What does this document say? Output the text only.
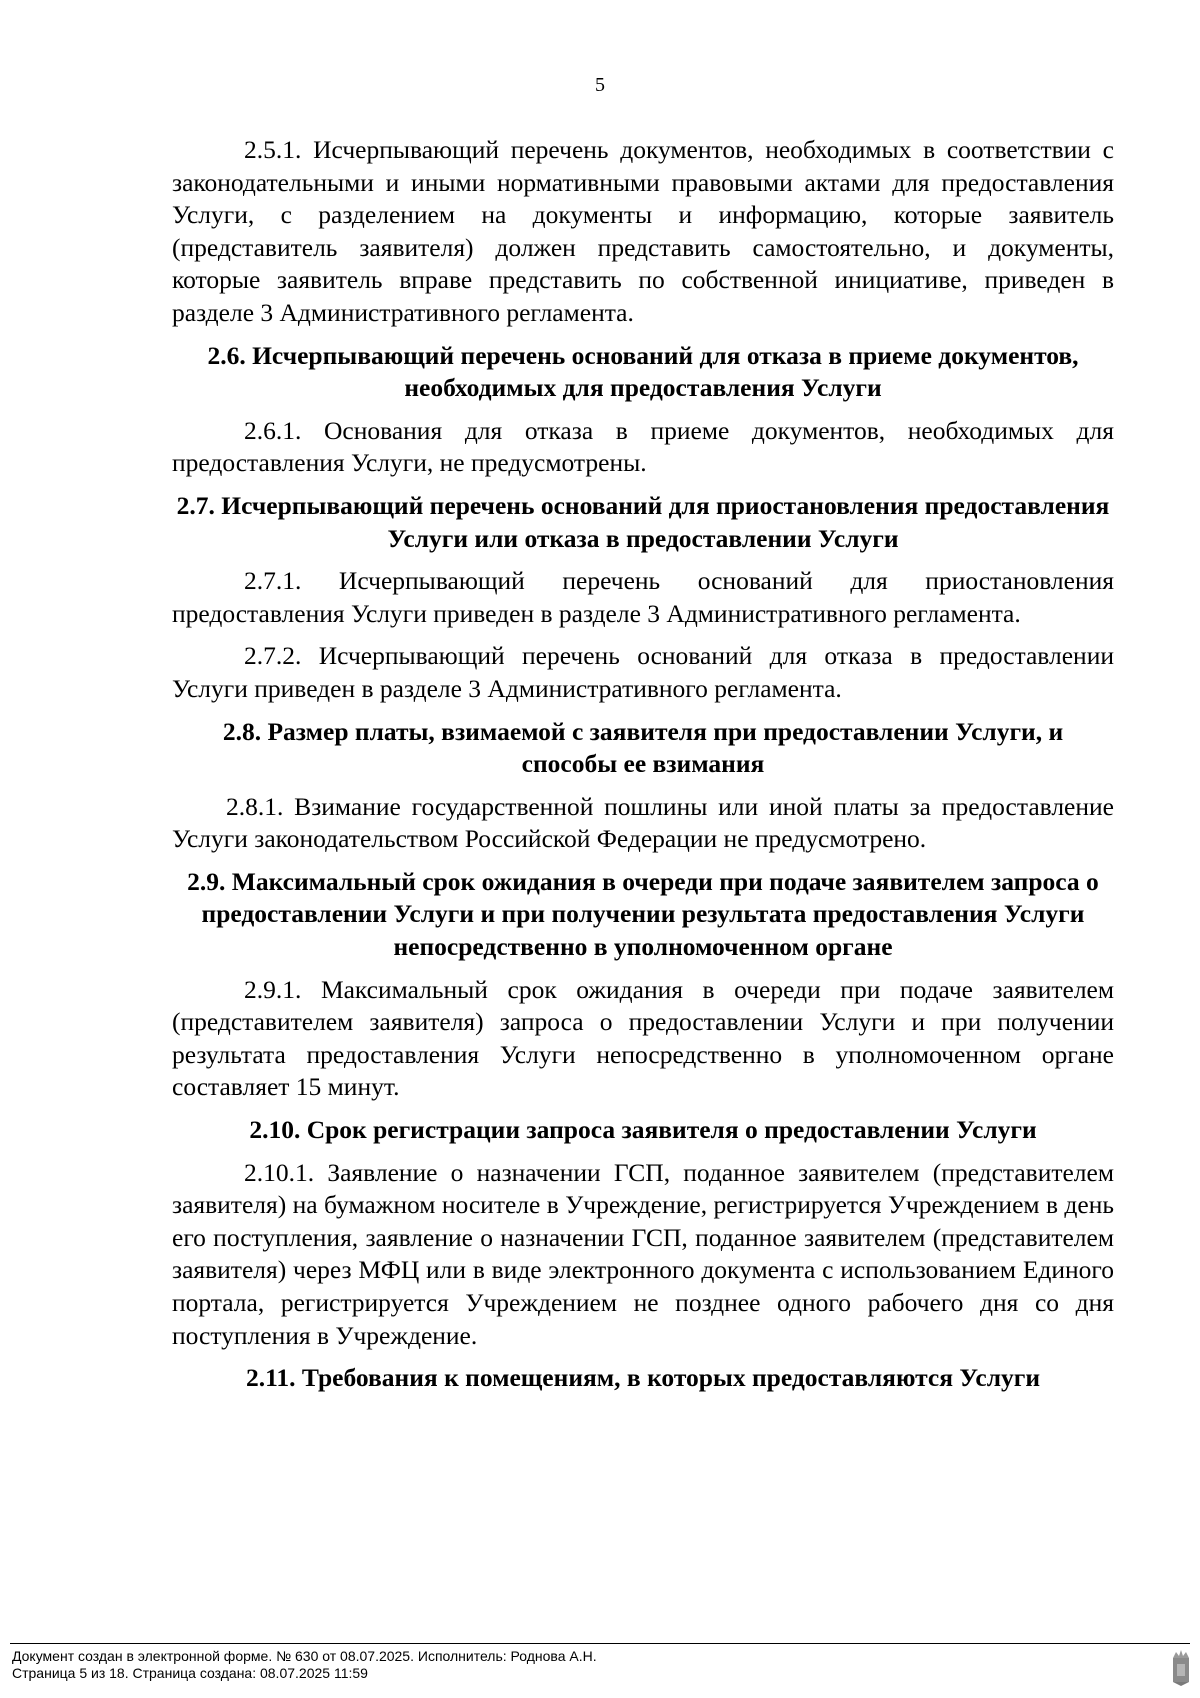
5

2.5.1. Исчерпывающий перечень документов, необходимых в соответствии с законодательными и иными нормативными правовыми актами для предоставления Услуги, с разделением на документы и информацию, которые заявитель (представитель заявителя) должен представить самостоятельно, и документы, которые заявитель вправе представить по собственной инициативе, приведен в разделе 3 Административного регламента.

2.6. Исчерпывающий перечень оснований для отказа в приеме документов, необходимых для предоставления Услуги

2.6.1. Основания для отказа в приеме документов, необходимых для предоставления Услуги, не предусмотрены.

2.7. Исчерпывающий перечень оснований для приостановления предоставления Услуги или отказа в предоставлении Услуги

2.7.1. Исчерпывающий перечень оснований для приостановления предоставления Услуги приведен в разделе 3 Административного регламента.

2.7.2. Исчерпывающий перечень оснований для отказа в предоставлении Услуги приведен в разделе 3 Административного регламента.

2.8. Размер платы, взимаемой с заявителя при предоставлении Услуги, и способы ее взимания

2.8.1. Взимание государственной пошлины или иной платы за предоставление Услуги законодательством Российской Федерации не предусмотрено.

2.9. Максимальный срок ожидания в очереди при подаче заявителем запроса о предоставлении Услуги и при получении результата предоставления Услуги непосредственно в уполномоченном органе

2.9.1. Максимальный срок ожидания в очереди при подаче заявителем (представителем заявителя) запроса о предоставлении Услуги и при получении результата предоставления Услуги непосредственно в уполномоченном органе составляет 15 минут.

2.10. Срок регистрации запроса заявителя о предоставлении Услуги

2.10.1. Заявление о назначении ГСП, поданное заявителем (представителем заявителя) на бумажном носителе в Учреждение, регистрируется Учреждением в день его поступления, заявление о назначении ГСП, поданное заявителем (представителем заявителя) через МФЦ или в виде электронного документа с использованием Единого портала, регистрируется Учреждением не позднее одного рабочего дня со дня поступления в Учреждение.

2.11. Требования к помещениям, в которых предоставляются Услуги
Документ создан в электронной форме. № 630 от 08.07.2025. Исполнитель: Роднова А.Н.
Страница 5 из 18. Страница создана: 08.07.2025 11:59
